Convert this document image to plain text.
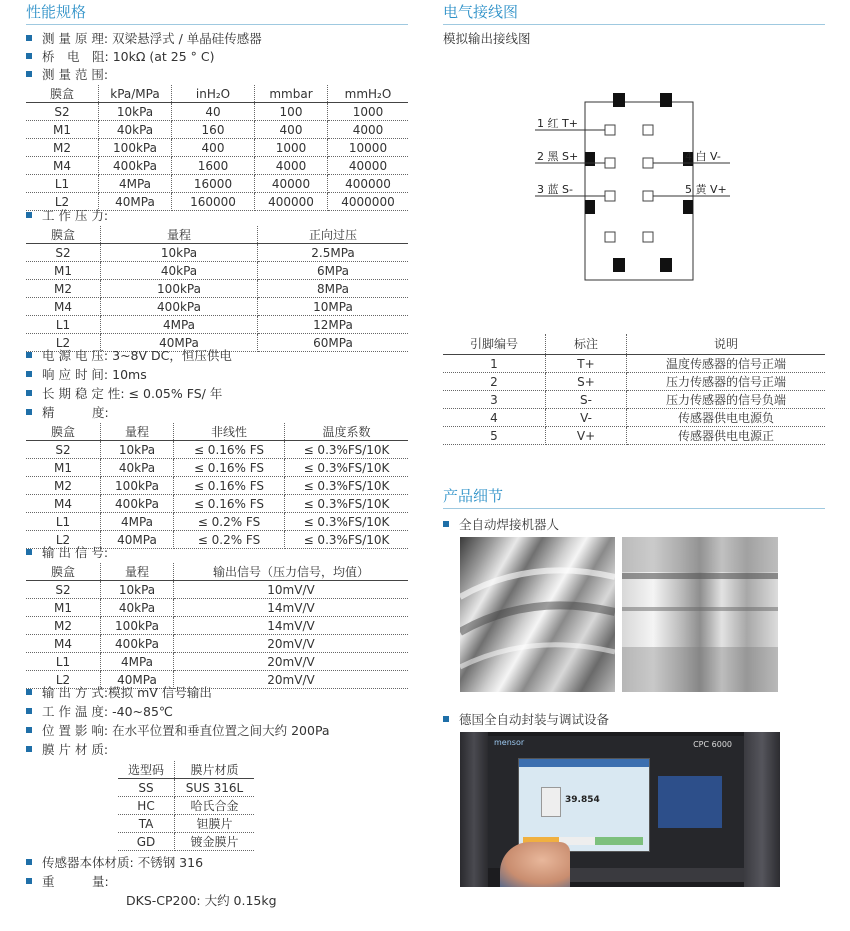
性能规格
测 量 原 理: 双梁悬浮式 / 单晶硅传感器
桥　电　阻: 10kΩ (at 25 ° C)
测 量 范 围:
膜盒	kPa/MPa	inH₂O	mmbar	mmH₂O
S2	10kPa	40	100	1000
M1	40kPa	160	400	4000
M2	100kPa	400	1000	10000
M4	400kPa	1600	4000	40000
L1	4MPa	16000	40000	400000
L2	40MPa	160000	400000	4000000
工 作 压 力:
膜盒	量程	正向过压
S2	10kPa	2.5MPa
M1	40kPa	6MPa
M2	100kPa	8MPa
M4	400kPa	10MPa
L1	4MPa	12MPa
L2	40MPa	60MPa
电 源 电 压: 3~8V DC，恒压供电
响 应 时 间: 10ms
长 期 稳 定 性: ≤ 0.05% FS/ 年
精　　　度:
膜盒	量程	非线性	温度系数
S2	10kPa	≤ 0.16% FS	≤ 0.3%FS/10K
M1	40kPa	≤ 0.16% FS	≤ 0.3%FS/10K
M2	100kPa	≤ 0.16% FS	≤ 0.3%FS/10K
M4	400kPa	≤ 0.16% FS	≤ 0.3%FS/10K
L1	4MPa	≤ 0.2% FS	≤ 0.3%FS/10K
L2	40MPa	≤ 0.2% FS	≤ 0.3%FS/10K
输 出 信 号:
膜盒	量程	输出信号（压力信号，均值）
S2	10kPa	10mV/V
M1	40kPa	14mV/V
M2	100kPa	14mV/V
M4	400kPa	20mV/V
L1	4MPa	20mV/V
L2	40MPa	20mV/V
输 出 方 式:模拟 mV 信号输出
工 作 温 度: -40~85℃
位 置 影 响: 在水平位置和垂直位置之间大约 200Pa
膜 片 材 质:
选型码	膜片材质
SS	SUS 316L
HC	哈氏合金
TA	钽膜片
GD	镀金膜片
传感器本体材质: 不锈钢 316
重　　　量:
DKS-CP200: 大约 0.15kg
电气接线图
模拟输出接线图
1 红 T+
2 黑 S+
3 蓝 S-
4 白 V-
5 黄 V+
引脚编号	标注	说明
1	T+	温度传感器的信号正端
2	S+	压力传感器的信号正端
3	S-	压力传感器的信号负端
4	V-	传感器供电电源负
5	V+	传感器供电电源正
产品细节
全自动焊接机器人
德国全自动封装与调试设备
mensor	CPC 6000
39.854
